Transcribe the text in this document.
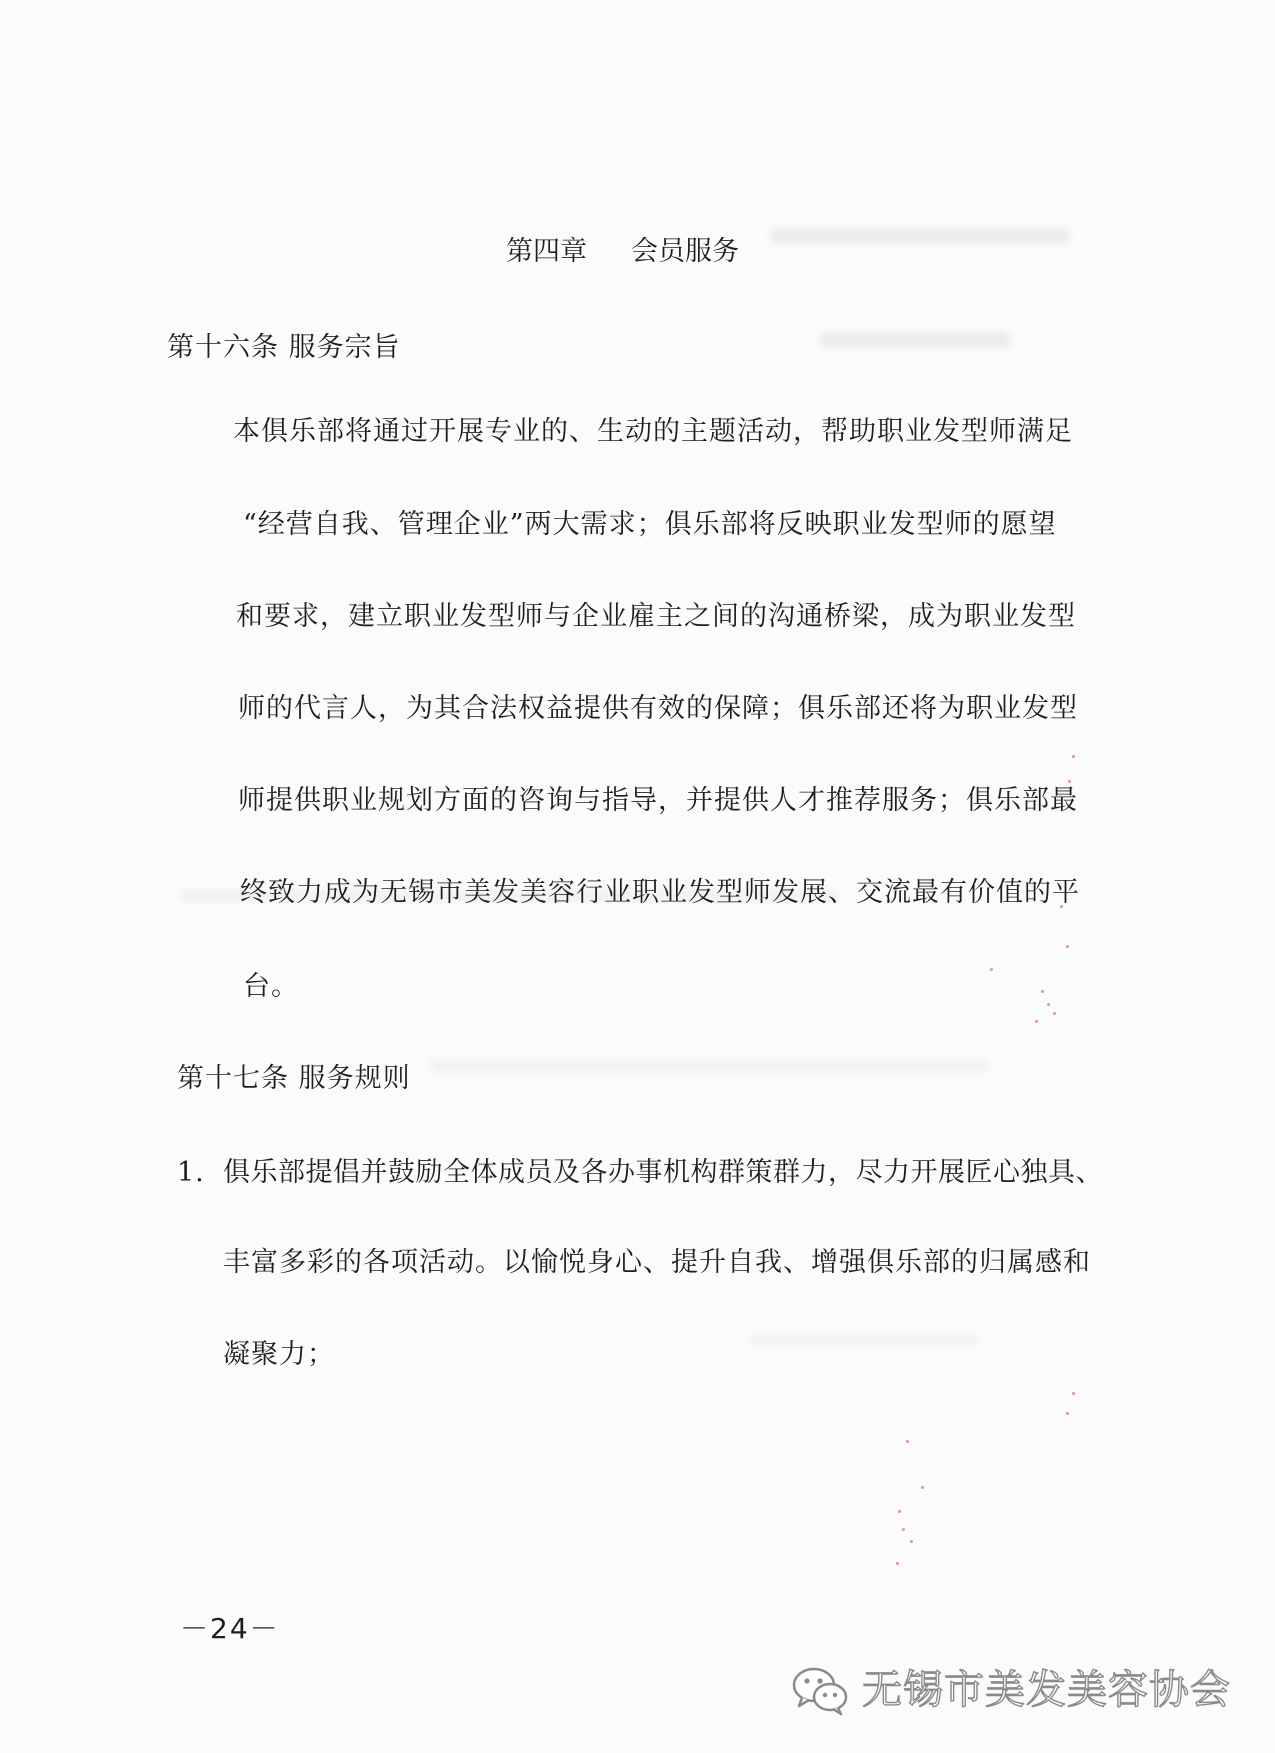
第四章 会员服务
第十六条 服务宗旨
本俱乐部将通过开展专业的、生动的主题活动，帮助职业发型师满足
“经营自我、管理企业”两大需求；俱乐部将反映职业发型师的愿望
和要求，建立职业发型师与企业雇主之间的沟通桥梁，成为职业发型
师的代言人，为其合法权益提供有效的保障；俱乐部还将为职业发型
师提供职业规划方面的咨询与指导，并提供人才推荐服务；俱乐部最
终致力成为无锡市美发美容行业职业发型师发展、交流最有价值的平
台。
第十七条 服务规则
1. 俱乐部提倡并鼓励全体成员及各办事机构群策群力，尽力开展匠心独具、
丰富多彩的各项活动。以愉悦身心、提升自我、增强俱乐部的归属感和
凝聚力；
－24－
无锡市美发美容协会
